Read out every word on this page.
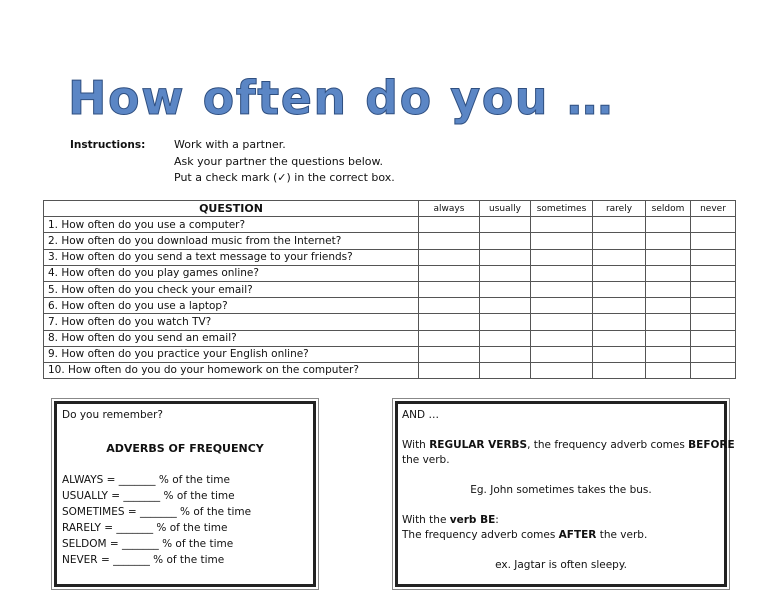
How often do you …
Instructions:	Work with a partner.
Ask your partner the questions below.
Put a check mark (✓) in the correct box.
QUESTION	always	usually	sometimes	rarely	seldom	never
1. How often do you use a computer?						
2. How often do you download music from the Internet?						
3. How often do you send a text message to your friends?						
4. How often do you play games online?						
5. How often do you check your email?						
6. How often do you use a laptop?						
7. How often do you watch TV?						
8. How often do you send an email?						
9. How often do you practice your English online?						
10. How often do you do your homework on the computer?						
Do you remember?
ADVERBS OF FREQUENCY
ALWAYS = _______ % of the time
USUALLY = _______ % of the time
SOMETIMES = _______ % of the time
RARELY = _______ % of the time
SELDOM = _______ % of the time
NEVER = _______ % of the time
AND …
With REGULAR VERBS, the frequency adverb comes BEFORE
the verb.
Eg. John sometimes takes the bus.
With the verb BE:
The frequency adverb comes AFTER the verb.
ex. Jagtar is often sleepy.
